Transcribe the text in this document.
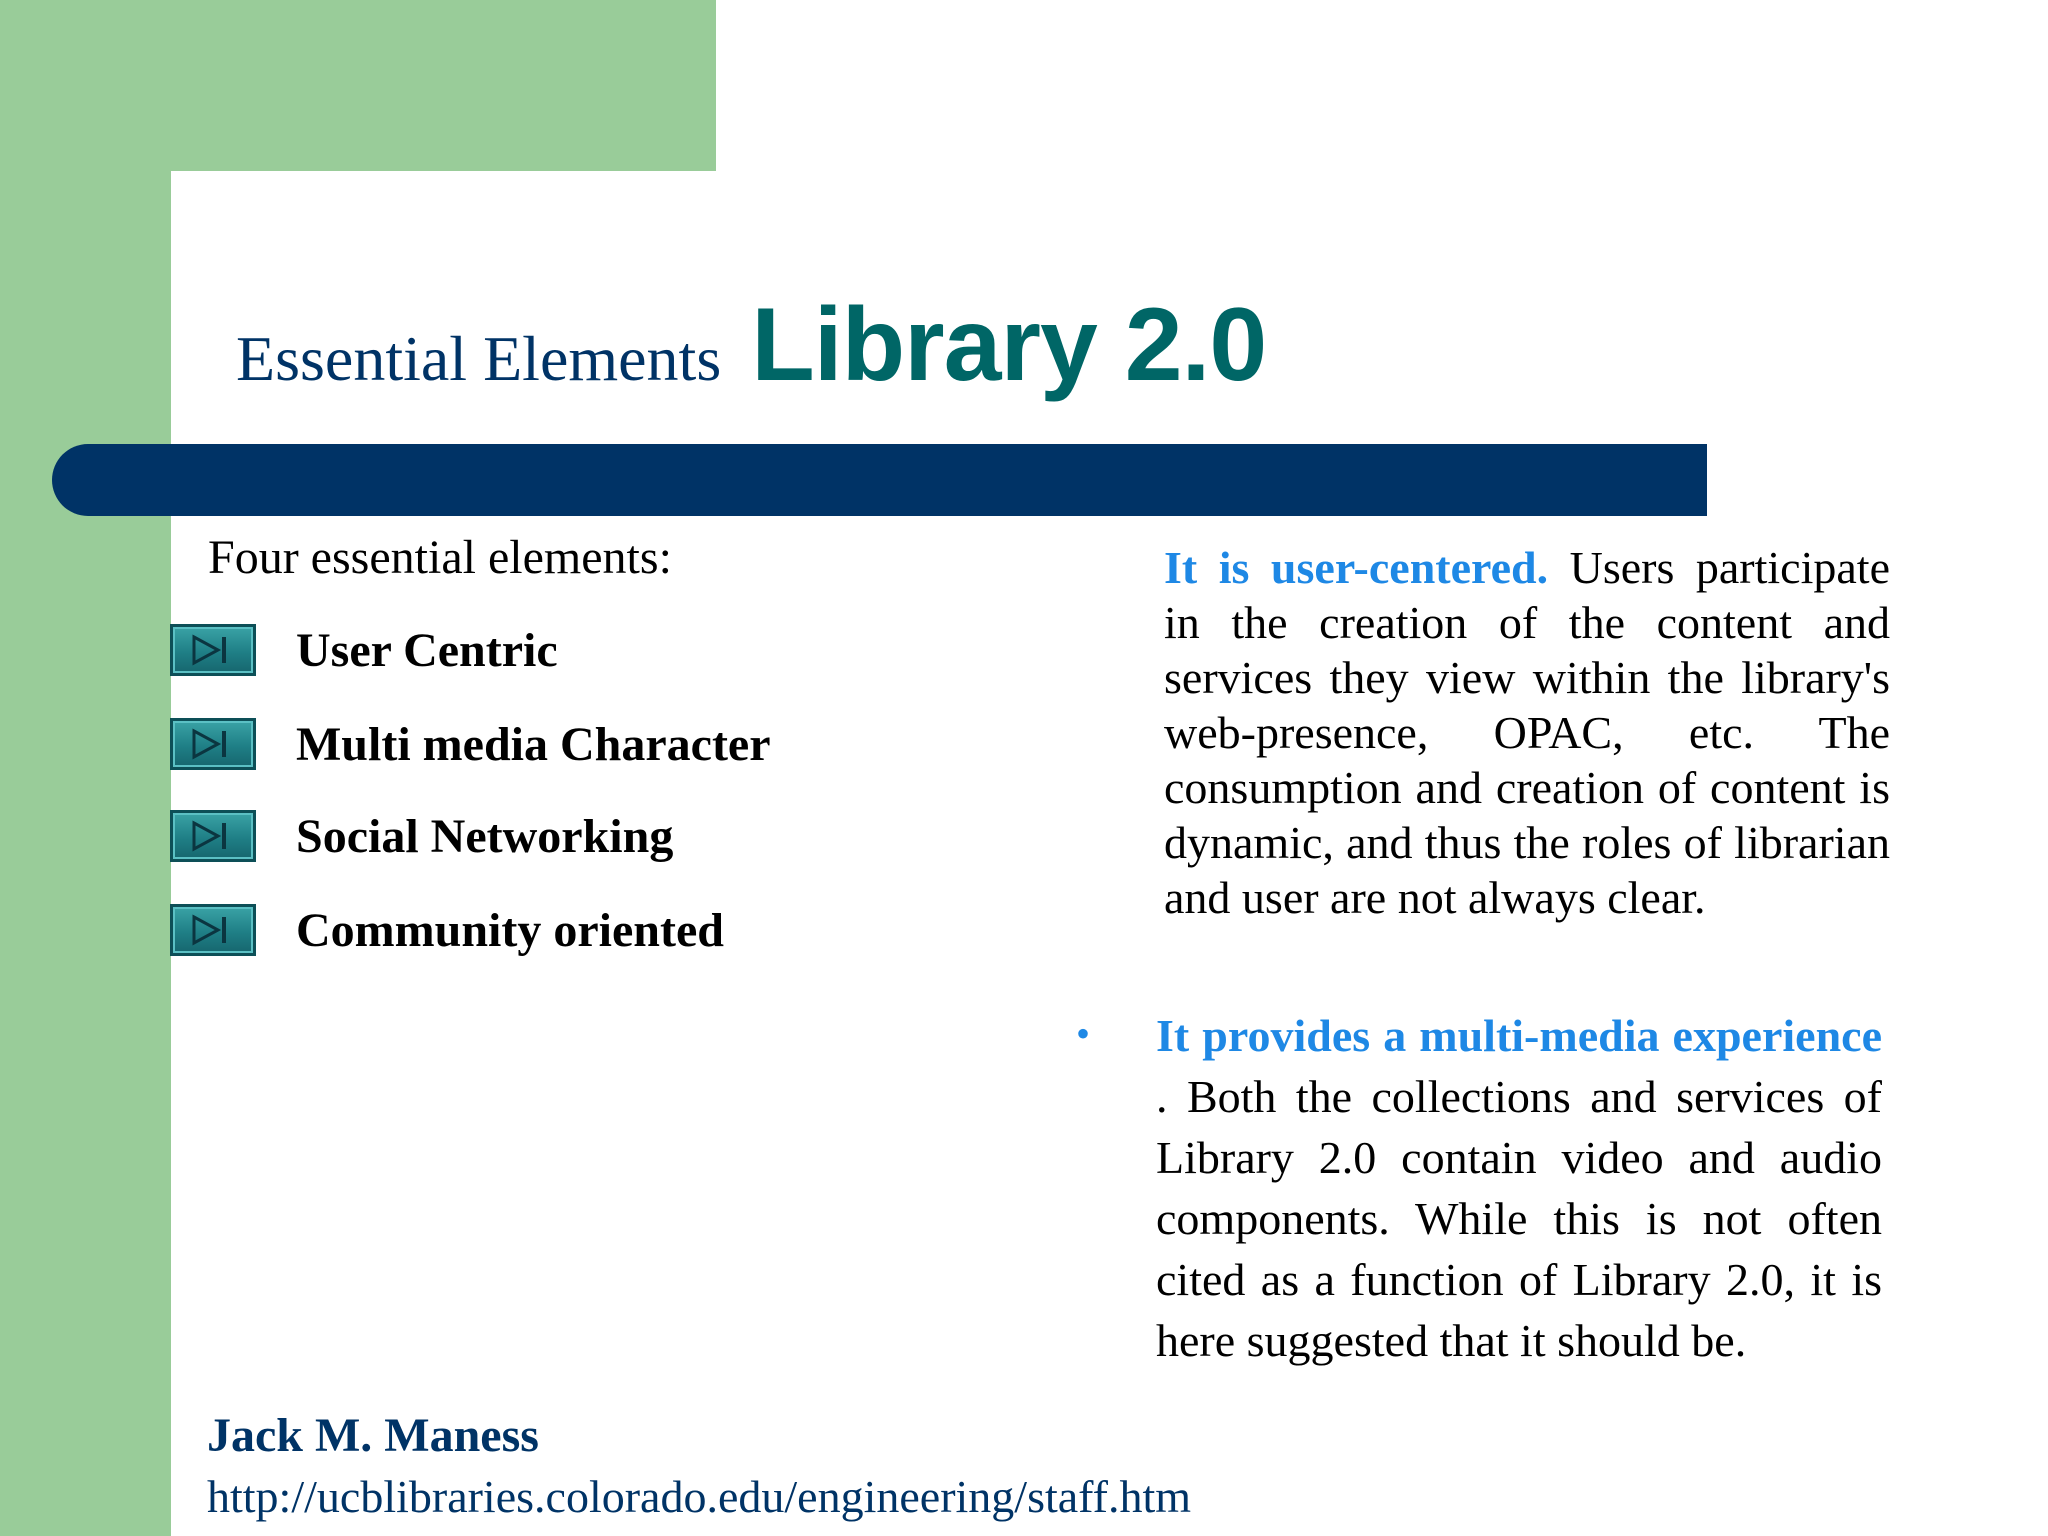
Essential Elements Library 2.0
Four essential elements:
User Centric
Multi media Character
Social Networking
Community oriented
It is user-centered. Users participate in the creation of the content and services they view within the library's web-presence, OPAC, etc. The consumption and creation of content is dynamic, and thus the roles of librarian and user are not always clear.
• It provides a multi-media experience . Both the collections and services of Library 2.0 contain video and audio components. While this is not often cited as a function of Library 2.0, it is here suggested that it should be.
Jack M. Maness
http://ucblibraries.colorado.edu/engineering/staff.htm
